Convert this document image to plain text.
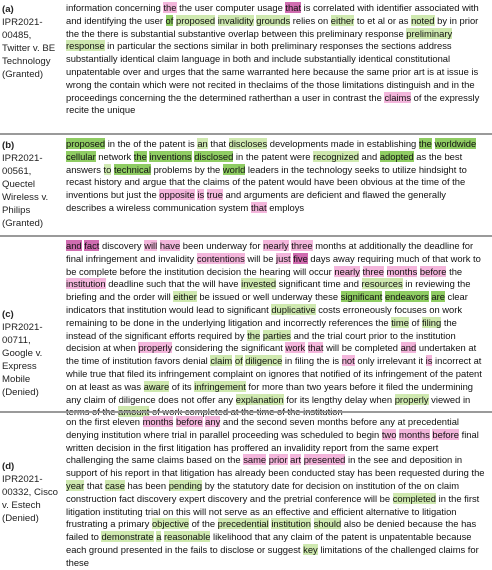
(a)
IPR2021-00485, Twitter v. BE Technology (Granted)

information concerning the the user computer usage that is correlated with identifier associated with and identifying the user of proposed invalidity grounds relies on either to et al or as noted by in prior the the there is substantial substantive overlap between this preliminary response preliminary response in particular the sections similar in both preliminary responses the sections address substantially identical claim language in both and include substantially identical constitutional unpatentable over and urges that the same warranted here because the same prior art is at issue is wrong the contain which were not recited in theclaims of the those limitations distinguish and in the proceedings concerning the the determined ratherthan a user in contrast the claims of the expressly recite the unique

(b)
IPR2021-00561, Quectel Wireless v. Philips (Granted)

proposed in the of the patent is an that discloses developments made in establishing the worldwide cellular network the inventions disclosed in the patent were recognized and adopted as the best answers to technical problems by the world leaders in the technology seeks to utilize hindsight to recast history and argue that the claims of the patent would have been obvious at the time of the inventions but just the opposite is true and arguments are deficient and flawed the generally describes a wireless communication system that employs

(c)
IPR2021-00711, Google v. Express Mobile (Denied)

and fact discovery will have been underway for nearly three months at additionally the deadline for final infringement and invalidity contentions will be just five days away requiring much of that work to be complete before the institution decision the hearing will occur nearly three months before the institution deadline such that the will have invested significant time and resources in reviewing the briefing and the order will either be issued or well underway these significant endeavors are clear indicators that institution would lead to significant duplicative costs erroneously focuses on work remaining to be done in the underlying litigation and incorrectly references the time of filing the instead of the significant efforts required by the parties and the trial court prior to the institution decision at when properly considering the significant work that will be completed and undertaken at the time of institution favors denial claim of diligence in filing the is not only irrelevant it is incorrect at while true that filed its infringement complaint on ignores that notified of its infringement of the patent on at least as was aware of its infringement for more than two years before it filed the undermining any claim of diligence does not offer any explanation for its lengthy delay when properly viewed in

(d)
IPR2021-00332, Cisco v. Estech (Denied)

on the first eleven months before any and the second seven months before any at precedential denying institution where trial in parallel proceeding was scheduled to begin two months before final written decision in the first litigation has proffered an invalidity report from the same expert challenging the same claims based on the same prior art presented in the see and deposition in support of his report in that litigation has already been conducted stay has been requested during the year that case has been pending by the statutory date for decision on institution of the on claim construction fact discovery expert discovery and the pretrial conference will be completed in the first litigation instituting trial on this will not serve as an effective and efficient alternative to litigation frustrating a primary objective of the precedential institution should also be denied because the has failed to demonstrate a reasonable likelihood that any claim of the patent is unpatentable because each ground presented in the fails to disclose or suggest key limitations of the challenged claims for these
